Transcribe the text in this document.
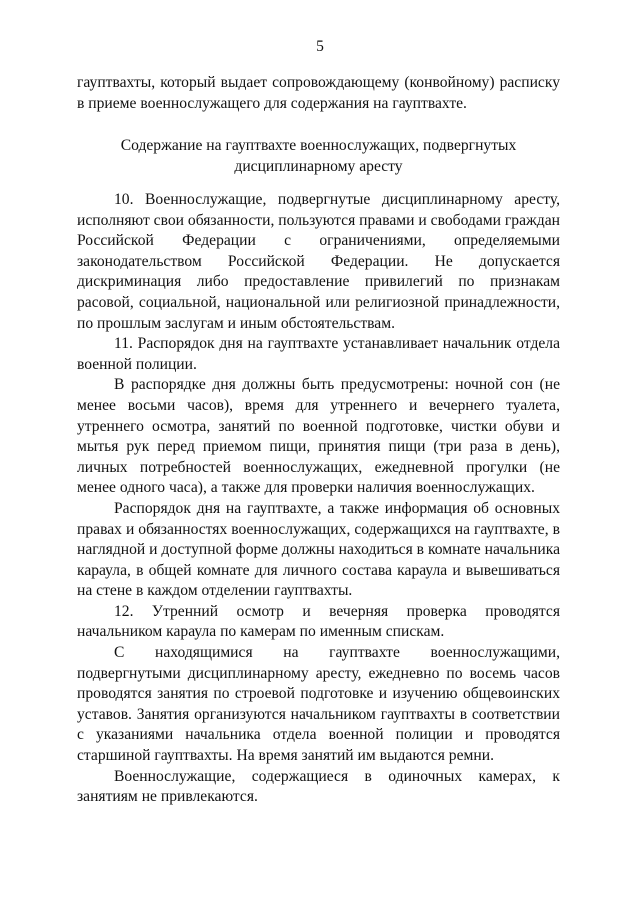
5

гауптвахты, который выдает сопровождающему (конвойному) расписку в приеме военнослужащего для содержания на гауптвахте.

Содержание на гауптвахте военнослужащих, подвергнутых
дисциплинарному аресту

10. Военнослужащие, подвергнутые дисциплинарному аресту, исполняют свои обязанности, пользуются правами и свободами граждан Российской Федерации с ограничениями, определяемыми законодательством Российской Федерации. Не допускается дискриминация либо предоставление привилегий по признакам расовой, социальной, национальной или религиозной принадлежности, по прошлым заслугам и иным обстоятельствам.

11. Распорядок дня на гауптвахте устанавливает начальник отдела военной полиции.

В распорядке дня должны быть предусмотрены: ночной сон (не менее восьми часов), время для утреннего и вечернего туалета, утреннего осмотра, занятий по военной подготовке, чистки обуви и мытья рук перед приемом пищи, принятия пищи (три раза в день), личных потребностей военнослужащих, ежедневной прогулки (не менее одного часа), а также для проверки наличия военнослужащих.

Распорядок дня на гауптвахте, а также информация об основных правах и обязанностях военнослужащих, содержащихся на гауптвахте, в наглядной и доступной форме должны находиться в комнате начальника караула, в общей комнате для личного состава караула и вывешиваться на стене в каждом отделении гауптвахты.

12. Утренний осмотр и вечерняя проверка проводятся начальником караула по камерам по именным спискам.

С находящимися на гауптвахте военнослужащими, подвергнутыми дисциплинарному аресту, ежедневно по восемь часов проводятся занятия по строевой подготовке и изучению общевоинских уставов. Занятия организуются начальником гауптвахты в соответствии с указаниями начальника отдела военной полиции и проводятся старшиной гауптвахты. На время занятий им выдаются ремни.

Военнослужащие, содержащиеся в одиночных камерах, к занятиям не привлекаются.
